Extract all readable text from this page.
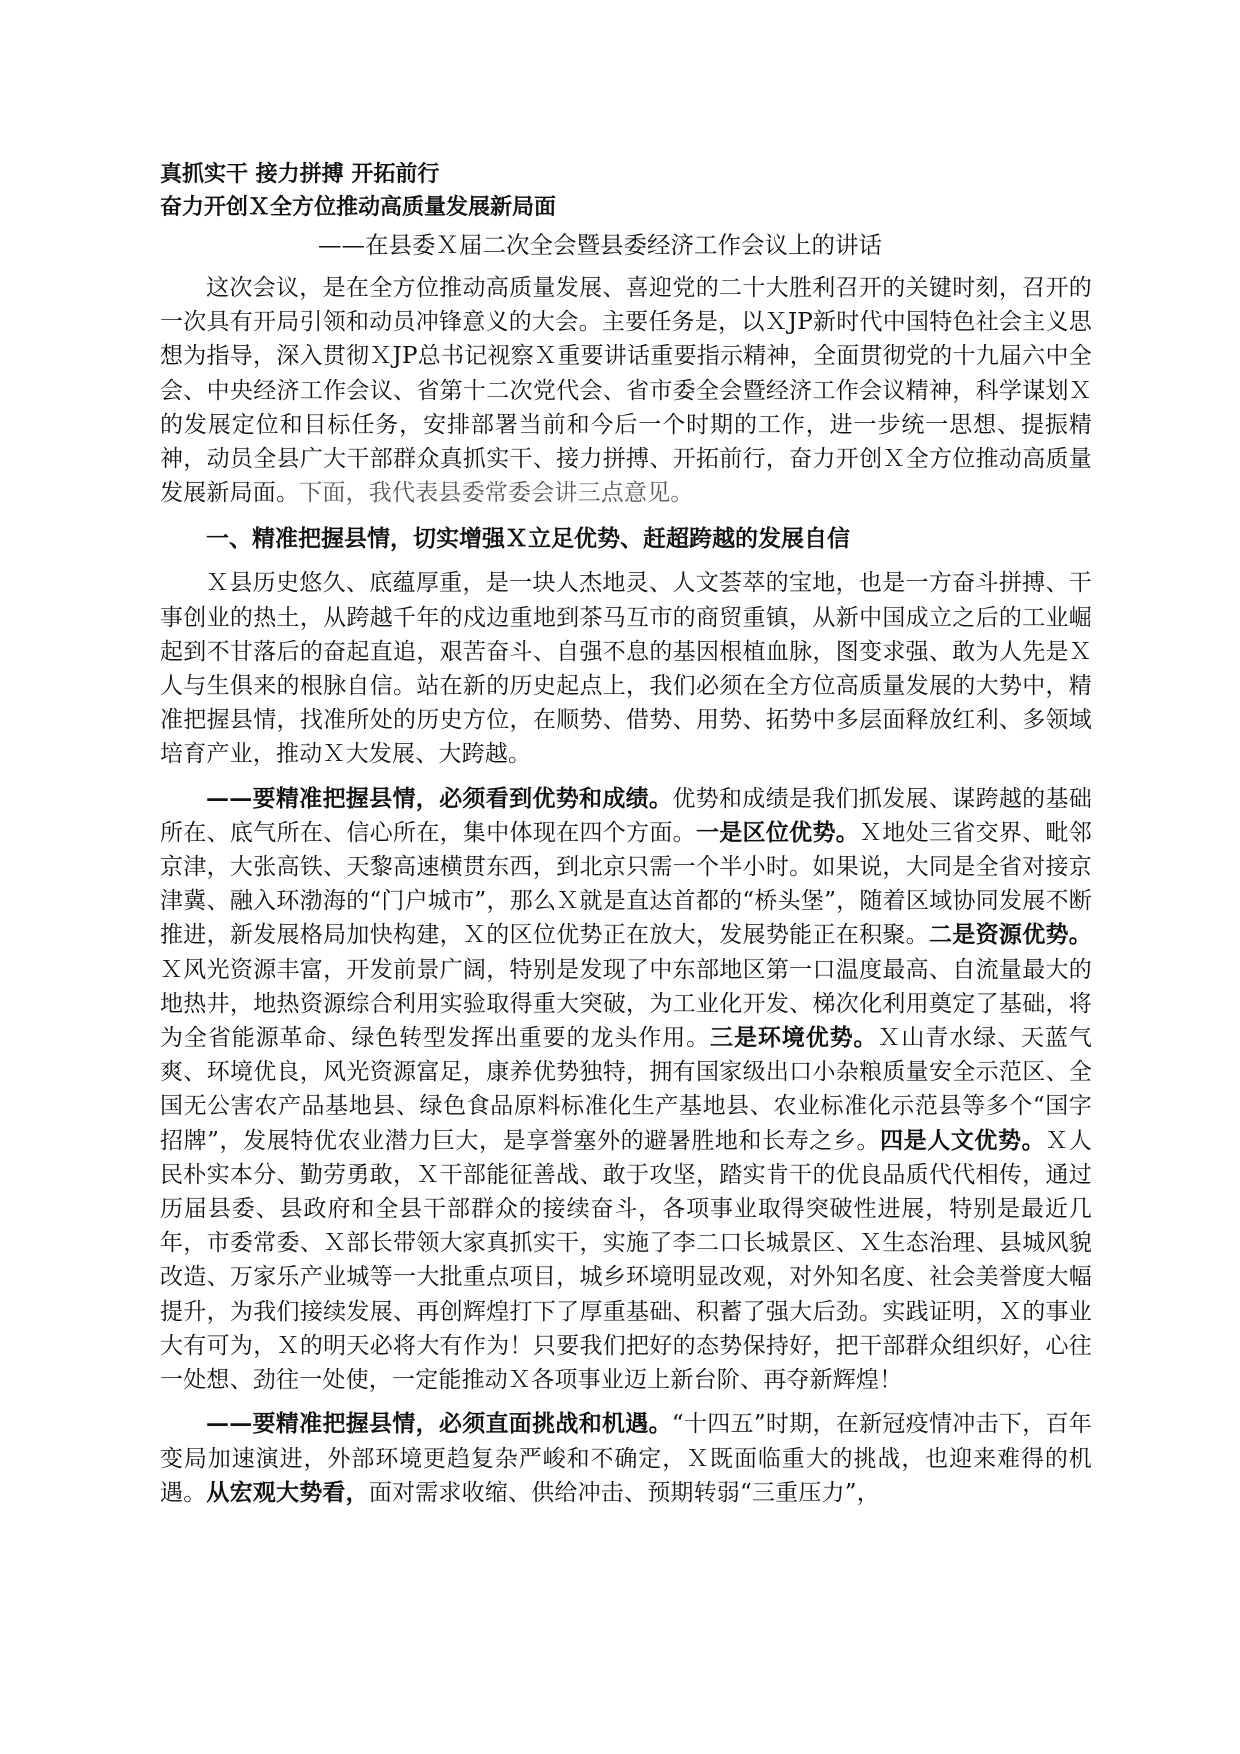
真抓实干 接力拼搏 开拓前行
奋力开创Ｘ全方位推动高质量发展新局面
——在县委Ｘ届二次全会暨县委经济工作会议上的讲话

这次会议，是在全方位推动高质量发展、喜迎党的二十大胜利召开的关键时刻，召开的一次具有开局引领和动员冲锋意义的大会。主要任务是，以ＸJP新时代中国特色社会主义思想为指导，深入贯彻ＸJP总书记视察Ｘ重要讲话重要指示精神，全面贯彻党的十九届六中全会、中央经济工作会议、省第十二次党代会、省市委全会暨经济工作会议精神，科学谋划Ｘ的发展定位和目标任务，安排部署当前和今后一个时期的工作，进一步统一思想、提振精神，动员全县广大干部群众真抓实干、接力拼搏、开拓前行，奋力开创Ｘ全方位推动高质量发展新局面。下面，我代表县委常委会讲三点意见。

一、精准把握县情，切实增强Ｘ立足优势、赶超跨越的发展自信

Ｘ县历史悠久、底蕴厚重，是一块人杰地灵、人文荟萃的宝地，也是一方奋斗拼搏、干事创业的热土，从跨越千年的戍边重地到茶马互市的商贸重镇，从新中国成立之后的工业崛起到不甘落后的奋起直追，艰苦奋斗、自强不息的基因根植血脉，图变求强、敢为人先是Ｘ人与生俱来的根脉自信。站在新的历史起点上，我们必须在全方位高质量发展的大势中，精准把握县情，找准所处的历史方位，在顺势、借势、用势、拓势中多层面释放红利、多领域培育产业，推动Ｘ大发展、大跨越。

——要精准把握县情，必须看到优势和成绩。优势和成绩是我们抓发展、谋跨越的基础所在、底气所在、信心所在，集中体现在四个方面。一是区位优势。Ｘ地处三省交界、毗邻京津，大张高铁、天黎高速横贯东西，到北京只需一个半小时。如果说，大同是全省对接京津冀、融入环渤海的“门户城市”，那么Ｘ就是直达首都的“桥头堡”，随着区域协同发展不断推进，新发展格局加快构建，Ｘ的区位优势正在放大，发展势能正在积聚。二是资源优势。Ｘ风光资源丰富，开发前景广阔，特别是发现了中东部地区第一口温度最高、自流量最大的地热井，地热资源综合利用实验取得重大突破，为工业化开发、梯次化利用奠定了基础，将为全省能源革命、绿色转型发挥出重要的龙头作用。三是环境优势。Ｘ山青水绿、天蓝气爽、环境优良，风光资源富足，康养优势独特，拥有国家级出口小杂粮质量安全示范区、全国无公害农产品基地县、绿色食品原料标准化生产基地县、农业标准化示范县等多个“国字招牌”，发展特优农业潜力巨大，是享誉塞外的避暑胜地和长寿之乡。四是人文优势。Ｘ人民朴实本分、勤劳勇敢，Ｘ干部能征善战、敢于攻坚，踏实肯干的优良品质代代相传，通过历届县委、县政府和全县干部群众的接续奋斗，各项事业取得突破性进展，特别是最近几年，市委常委、Ｘ部长带领大家真抓实干，实施了李二口长城景区、Ｘ生态治理、县城风貌改造、万家乐产业城等一大批重点项目，城乡环境明显改观，对外知名度、社会美誉度大幅提升，为我们接续发展、再创辉煌打下了厚重基础、积蓄了强大后劲。实践证明，Ｘ的事业大有可为，Ｘ的明天必将大有作为！只要我们把好的态势保持好，把干部群众组织好，心往一处想、劲往一处使，一定能推动Ｘ各项事业迈上新台阶、再夺新辉煌！

——要精准把握县情，必须直面挑战和机遇。“十四五”时期，在新冠疫情冲击下，百年变局加速演进，外部环境更趋复杂严峻和不确定，Ｘ既面临重大的挑战，也迎来难得的机遇。从宏观大势看，面对需求收缩、供给冲击、预期转弱“三重压力”，
